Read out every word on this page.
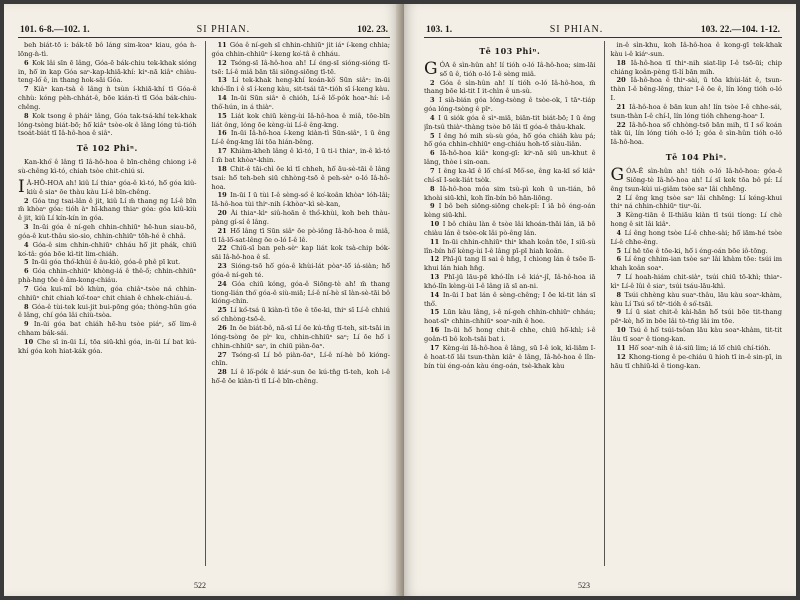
101. 6-8.—102. 1.	SI PHIAN.	102. 23.

beh biát-tō i: bák-tē bô láng sim-koaⁿ kiau, góa ǹ-lōng-ǹ-tì.

6 Kok lâi sīn ē lâng, Góa-ē bák-chiu tek-khak sióng in, hō͘ in kap Góa saⁿ-kap-khiā-khí: kiⁿ-nā kiâⁿ chiàu-teng-ló͘ ê, in thang hok-sāi Góa.

7 Kiàⁿ kan-tsà ê lâng ǹ tsùn í-khiā-khí tī Góa-ê chhù: kóng pèh-chhát-ê, bōe kián-tì tī Góa bák-chiu-chêng.

8 Kok tsong ê pháiⁿ lâng, Góa tak-tsá-khí tek-khak lóng-tsòng biát-bō; hō͘ kiâⁿ tsòe-ok ê lâng lóng tú-tióh tsoát-biát tī Iâ-hô-hoa ê siâⁿ.

Tē 102 Phiⁿ.

Kan-khó͘ ê lâng tī Iâ-hô-hoa ê bīn-chêng chiong i-ê sù-chêng kì-tó, chiah tsòe chit-chiú si.

I Â-HÔ-HOA ah! kiû Lí thiaⁿ góa-ê kì-tó, hō͘ góa kiû-kiù ê siaⁿ ōe thàu kàu Lí-ê bīn-chêng.

2 Góa tng tsai-lân ê jit, kiû Lí m̄ thang ng Lí-ê bīn m̄ khòaⁿ góa: tióh àⁿ hī-khang thiaⁿ góa: góa kiû-kiù ê jit, kiû Lí kín-kín in góa.

3 In-ūi góa ê ní-geh chhin-chhiūⁿ hē-hun siau-bō, góa-ê kut-thâu sio-sio, chhin-chhiūⁿ tōh-hé ê chhâ.

4 Góa-ê sim chhin-chhiūⁿ chháu hō͘ jit phák, chiū ko͘-tâ: góa bōe kì-tit lim-chiáh.

5 In-ūi góa thó͘-khùi ê âu-kiò, góa-ê phê pī kut.

6 Góa chhin-chhiūⁿ khòng-iá ê thê-ô͘; chhin-chhiūⁿ phà-hng tōe ê âm-kong-chiáu.

7 Góa kui-mî bô khùn, góa chiâⁿ-tsòe ná chhin-chhiūⁿ chit chiah kó͘-toaⁿ chit chiah ê chhek-chiáu-á.

8 Góa-ê tùi-tek kui-jit bui-pōng góa; thòng-hūn góa ê lâng, chí góa lâi chiù-tsòa.

9 In-ūi góa bat chiáh hē-hu tsòe piáⁿ, sō͘ lim-ê chham bák-sái.

10 Che sī in-ūi Lí, tōa siū-khì góa, in-ūi Lí bat kú-khí góa koh hiat-kák góa.

11 Góa ê ní-geh sī chhin-chhiūⁿ jit iáⁿ í-keng chhia; góa chhin-chhiūⁿ í-keng ko͘-tâ ê chháu.

12 Tsóng-sī Iâ-hô-hoa ah! Lí éng-sī sióng-sióng tī-tsē: Lí-ê miâ bān tāi siōng-siōng tī-tē.

13 Lí tek-khak heng-khí koán-kò͘ Sūn siâⁿ: in-ūi khó-lîn i ê sī í-keng kàu, sit-tsái tāⁿ-tióh sī í-keng kàu.

14 In-ūi Sūn siâⁿ ê chióh, Lí-ê lô͘-pók hoaⁿ-hí: i-ê thô͘-hún, in á thiàⁿ.

15 Liát kok chiū kèng-ùi Iâ-hô-hoa ê miâ, tōe-bīn liát ông, lóng ōe kèng-ùi Lí-ê êng-kng.

16 In-ūi Iâ-hô-hoa í-keng kiàn-tì Sūn-siâⁿ, ī ū êng Lí-ê êng-kng lâi tōa hián-bêng.

17 Khiàm-kheh lâng ê kì-tó, I ū ti-i thiaⁿ, in-ê kì-tó I m̄ bat khòaⁿ-khin.

18 Chit-ê tāi-chì ōe kì tī chheh, hō͘ āu-sè-tāi ê lâng tsai: hō͘ teh-beh siū chhòng-tsō ê peh-sèⁿ o-ló Iâ-hô-hoa.

19 In-ūi I ū tùi I-ê sèng-só͘ ê ko͘-koân khòaⁿ lóh-lâi; Iâ-hô-hoa tùi thiⁿ-nih í-khòaⁿ-kì sè-kan,

20 Ài thiaⁿ-kìⁿ siû-hoān ê thó͘-khùi, koh beh thàu-pàng gí-sí ê lâng.

21 Hō͘ lâng tī Sūn siâⁿ ōe pò-iông Iâ-hô-hoa ê miâ, tī Iâ-lō͘-sat-lêng ōe o-ló I-ê lê.

22 Chiū-sī ban peh-sèⁿ kap liát kok tsà-chip bók-sāi Iâ-hô-hoa ê sî.

23 Sióng-tsō hō͘ góa-ê khùi-lát pòaⁿ-lō͘ iá-siàn; hō͘ góa-ê ní-geh té.

24 Góa chiū kóng, góa-ê Siōng-tè ah! m̄ thang tiong-lián thó͘ góa-ê siù-miā; Lí-ê ní-hè sī làn-sè-tāi bô kióng-chin.

25 Lí kó͘-tsá ū kiàn-tì tōe ê tōe-ki, thiⁿ sī Lí-ê chhiú só͘ chhòng-tsō-ê.

26 In ōe biát-bô, nā-sī Lí ōe kú-tn̂g tī-teh, sit-tsāi in lóng-tsòng ōe pìⁿ ku, chhin-chhiūⁿ saⁿ; Lí ōe hō͘ i chhin-chhiūⁿ saⁿ, in chiū piàn-ōaⁿ.

27 Tsóng-sī Lí bô piàn-ōaⁿ, Lí-ê ní-hè bô kióng-chīn.

28 Lí ê lô͘-pók ê kiáⁿ-sun ōe kú-tn̂g tī-teh, koh i-ê hō͘-ē ōe kiàn-tì tī Lí-ê bīn-chêng.

522
103. 1.	SI PHIAN.	103. 22.—104. 1-12.
Tē 103 Phiⁿ.

GÓA ê sìn-hûn ah! lí tióh o-ló Iâ-hô-hoa; sim-lāi sō͘ ū ê, tióh o-ló I-ê sèng miâ.

2 Góa ê sìn-hûn ah! lí tióh o-ló Iâ-hô-hoa, m̄ thang bōe kì-tit I it-chìn ê un-sù.

3 I sià-bián góa lóng-tsòng ê tsòe-ok, ī tāⁿ-tiáp góa lóng-tsòng ê pīⁿ.

4 I ū siók góa ê sìⁿ-miā, biān-tit biát-bō; I ū êng jîn-tsû thiàⁿ-thàng tsòe bō lâi tī góa-ê thâu-khak.

5 I êng hó mih sù-sù góa, hō͘ góa chiáh kàu pá; hō͘ góa chhin-chhiūⁿ eng-chiáu hoh-tō͘ siàu-liân.

6 Iâ-hô-hoa kiâⁿ kong-gī: kiⁿ-nā siū un-khut ê lâng, thòe i sin-oan.

7 I êng ka-kī ê lō͘ chí-sī Mô͘-se, êng ka-kī só͘ kiâⁿ chí-sī I-sek-liát tsòk.

8 Iâ-hô-hoa móa sim tsù-pì koh ū un-tián, bô khoài siū-khì, koh lîn-bín bô hān-liōng.

9 I bô beh siōng-siōng chek-pī: I iā bô éng-oán kèng siū-khì.

10 I bô chiàu làn ê tsòe lâi khoán-thāi lán, iā bô chiàu lán ê tsòe-ok lâi pò-êng lán.

11 In-ūi chhin-chhiūⁿ thiⁿ khah koân tōe, I siū-sù lîn-bín hō͘ kèng-ùi I-ê lâng pī-pī hiah koân.

12 Phī-jū tang lī sai ê hn̄g, I chiong lán ê tsōe lī-khui lán hiah hn̄g.

13 Phī-jū lāu-pē khó-lîn i-ê kiáⁿ-jî, Iâ-hô-hoa iā khó-lîn kèng-ùi I-ê lâng iā sī an-ni.

14 In-ūi I bat lán ê sèng-chêng; I ōe kì-tit lán sī thô͘.

15 Lūn kàu lâng, i-ê ní-geh chhin-chhiūⁿ chháu; hoat-sīⁿ chhin-chhiūⁿ soaⁿ-nih ê hoe.

16 In-ūi hō͘ hong chit-ē chhe, chiū hō͘-khì; i-ê goân-tī bô koh-tsāi bat i.

17 Kèng-ùi Iâ-hô-hoa ê lâng, sū I-ê iok, kì-liām I-ê hoat-tō͘ lâi tsun-thàn kiâⁿ ê lâng, Iâ-hô-hoa ê lîn-bín tùi éng-oán kàu éng-oán, tsè-khak kàu

in-ê sìn-khu, koh Iâ-hô-hoa ê kong-gī tek-khak kàu i-ê kiáⁿ-sun.

18 Iâ-hô-hoa tī thiⁿ-nih siat-lip I-ê tsō-ūi; chip chiáng koân-pèng tī-lí bān mih.

20 Iâ-hô-hoa ê thiⁿ-sài, ū tōa khùi-lát ê, tsun-thàn I-ê bêng-lêng, thiaⁿ I-ê ōe ê, lín lóng tióh o-ló I.

21 Iâ-hô-hoa ê bān kun ah! lín tsòe I-ê chhe-sái, tsun-thàn I-ê chí-l, lín lóng tióh chheng-hoaⁿ I.

22 Iâ-hô-hoa sō͘ chhòng-tsō bān mih, tī I só͘ koán tàk ūi, lín lóng tióh o-ló I; góa ê sìn-hûn tióh o-ló Iâ-hô-hoa.

Tē 104 Phiⁿ.

GÓA-Ê sìn-hûn ah! tióh o-ló Iâ-hô-hoa: góa-ê Siōng-tè Iâ-hô-hoa ah! Lí sī kek tōa bô pí: Lí êng tsun-kùi ui-giâm tsòe saⁿ lâi chhēng.

2 Lí êng kng tsòe saⁿ lâi chhēng: Lí kéng-khui thiⁿ ná chhin-chhiūⁿ tiuⁿ-ūi.

3 Kèng-tiān ê lī-thiāu kiàn tī tsúi tíong: Lí chè hong ê sit lâi kiâⁿ.

4 Lí êng hong tsòe Lí-ê chhe-sài; hō͘ iām-hé tsòe Lí-ê chhe-êng.

5 Lí hē tōe ê tōe-ki, hō͘ i éng-oán bōe iô-tōng.

6 Lí êng chhim-ian tsòe saⁿ lâi khàm tōe: tsúi im khah koân soaⁿ.

7 Lí hoah-hiám chit-sia̍ⁿ, tsúi chiū tō-khì; thiaⁿ-kìⁿ Lí-ê lûi ê siaⁿ, tsúi tsáu-lāu-khì.

8 Tsúi chhèng kàu suaⁿ-thâu, lāu kàu soaⁿ-khàm, kàu Lí Tsú só͘ tēⁿ-tióh ê só͘-tsāi.

9 Lí ū siat chit-ê kài-hān hō͘ tsúi bōe tit-thang pēⁿ-kè, hō͘ in bōe lâi tò-tńg lâi im tōe.

10 Tsú ê hō͘ tsúi-tsôan lāu kàu soaⁿ-khàm, tit-tit lâu tī soaⁿ ê tiong-kan.

11 Hō͘ soaⁿ-nih ê iá-siū lim; iá lō͘ chiū chí-tióh.

12 Khong-tiong ê pe-chiáu ū hioh tī in-ê sin-pī, in hāu tī chhiū-kì ê tiong-kan.

523
